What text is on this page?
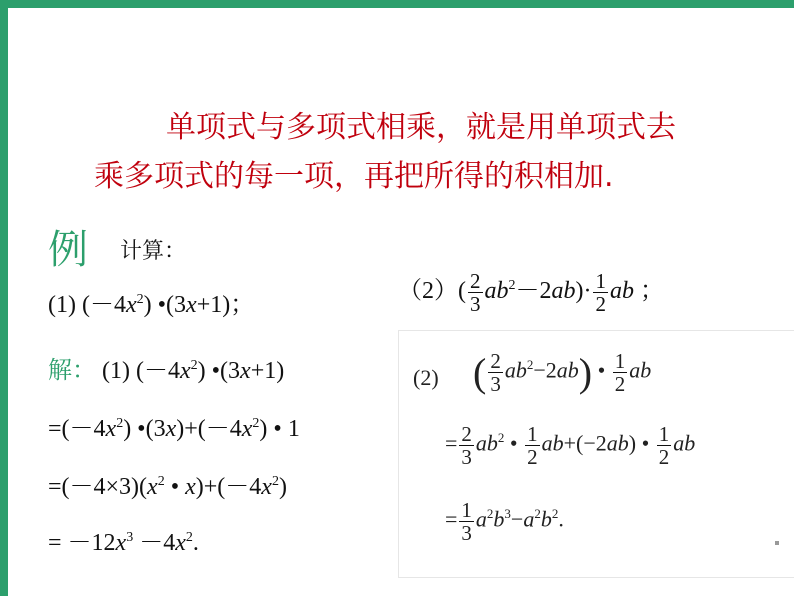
单项式与多项式相乘，就是用单项式去
乘多项式的每一项，再把所得的积相加.
例 计算：
(1) $(-4x^2)$ •(3x+1)；
$(2)( \frac{2}{3} ab^2-2ab)\cdot \frac{1}{2}$ ab ；
解： (1) $(-4x^2)$ •(3x+1)
$=(-4x^2)$ $•(3x)+(-4x^2)$ • 1
$=(-4\times 3)(x^2$ • $x)+(-4x^2)$
= $-12x^3 -4x^2$.
(2) ( $\frac{2}{3} ab^2-2ab$) • $\frac{1}{2}$ ab
= $\frac{2}{3} ab^2$ • $\frac{1}{2} ab+(-2ab)$ • $\frac{1}{2}$ ab
= $\frac{1}{3} a^2b^3-a^2b^2$.
